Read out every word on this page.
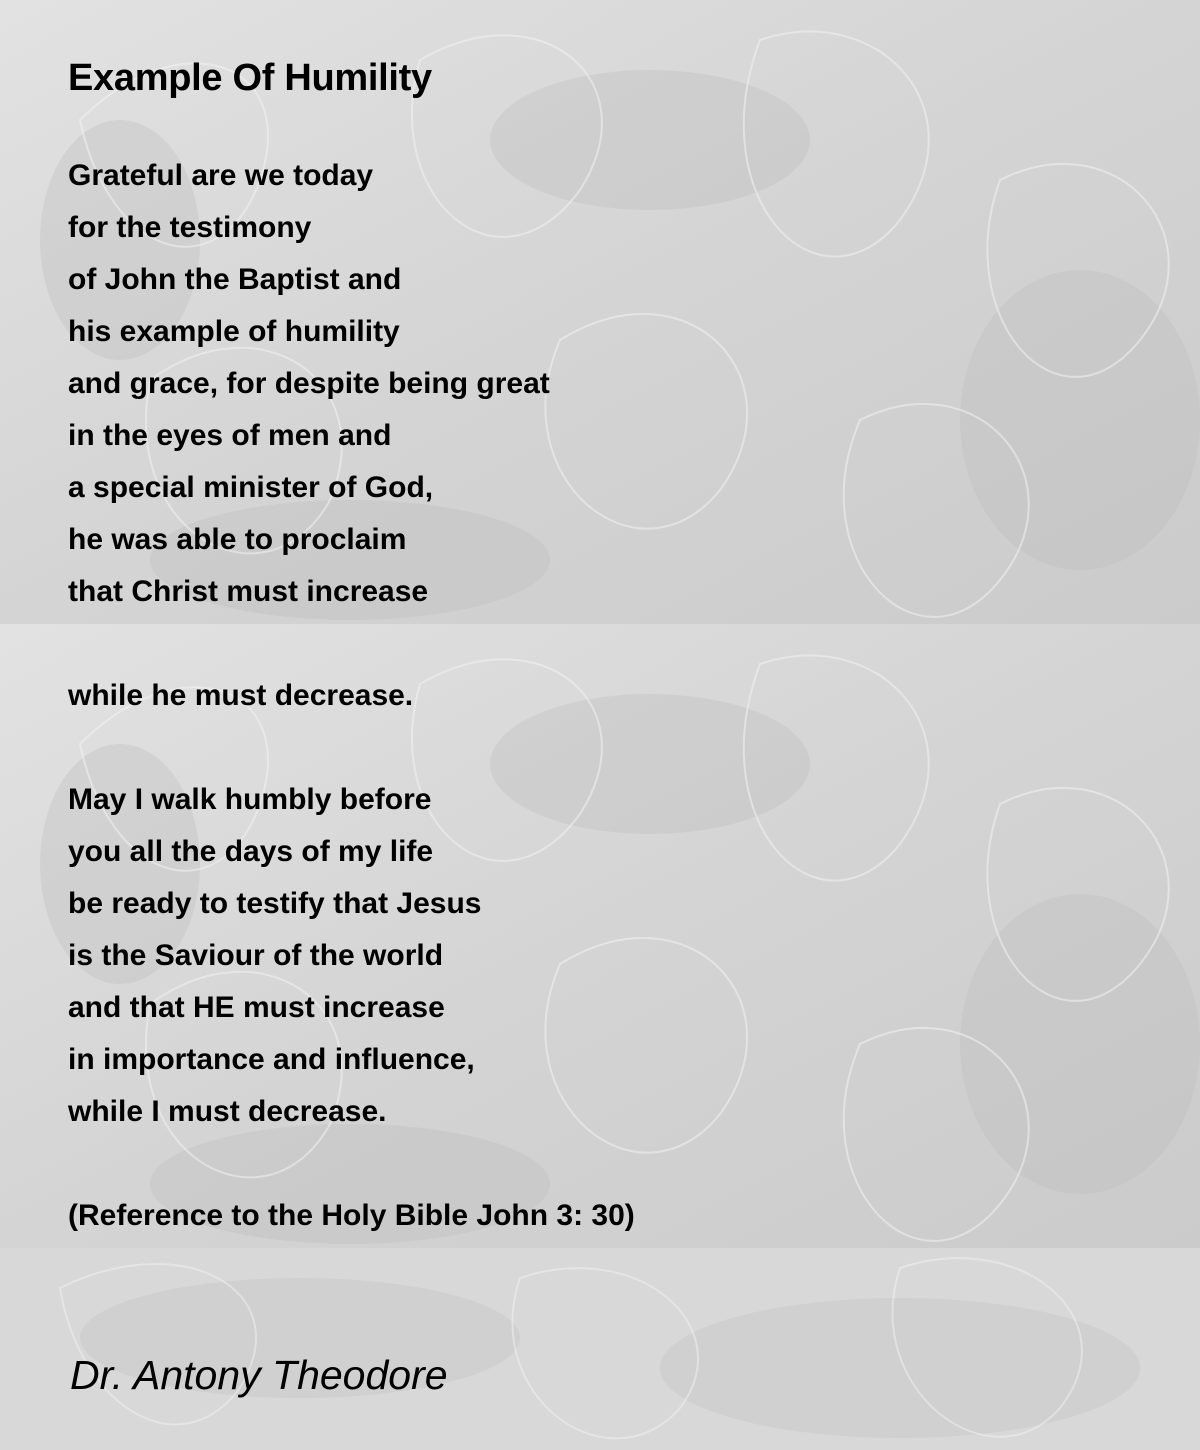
Example Of Humility
Grateful are we today
for the testimony
of John the Baptist and
his example of humility
and grace, for despite being great
in the eyes of men and
a special minister of God,
he was able to proclaim
that Christ must increase
while he must decrease.
May I walk humbly before
you all the days of my life
be ready to testify that Jesus
is the Saviour of the world
and that HE must increase
in importance and influence,
while I must decrease.

(Reference to the Holy Bible John 3: 30)

Dr. Antony Theodore
